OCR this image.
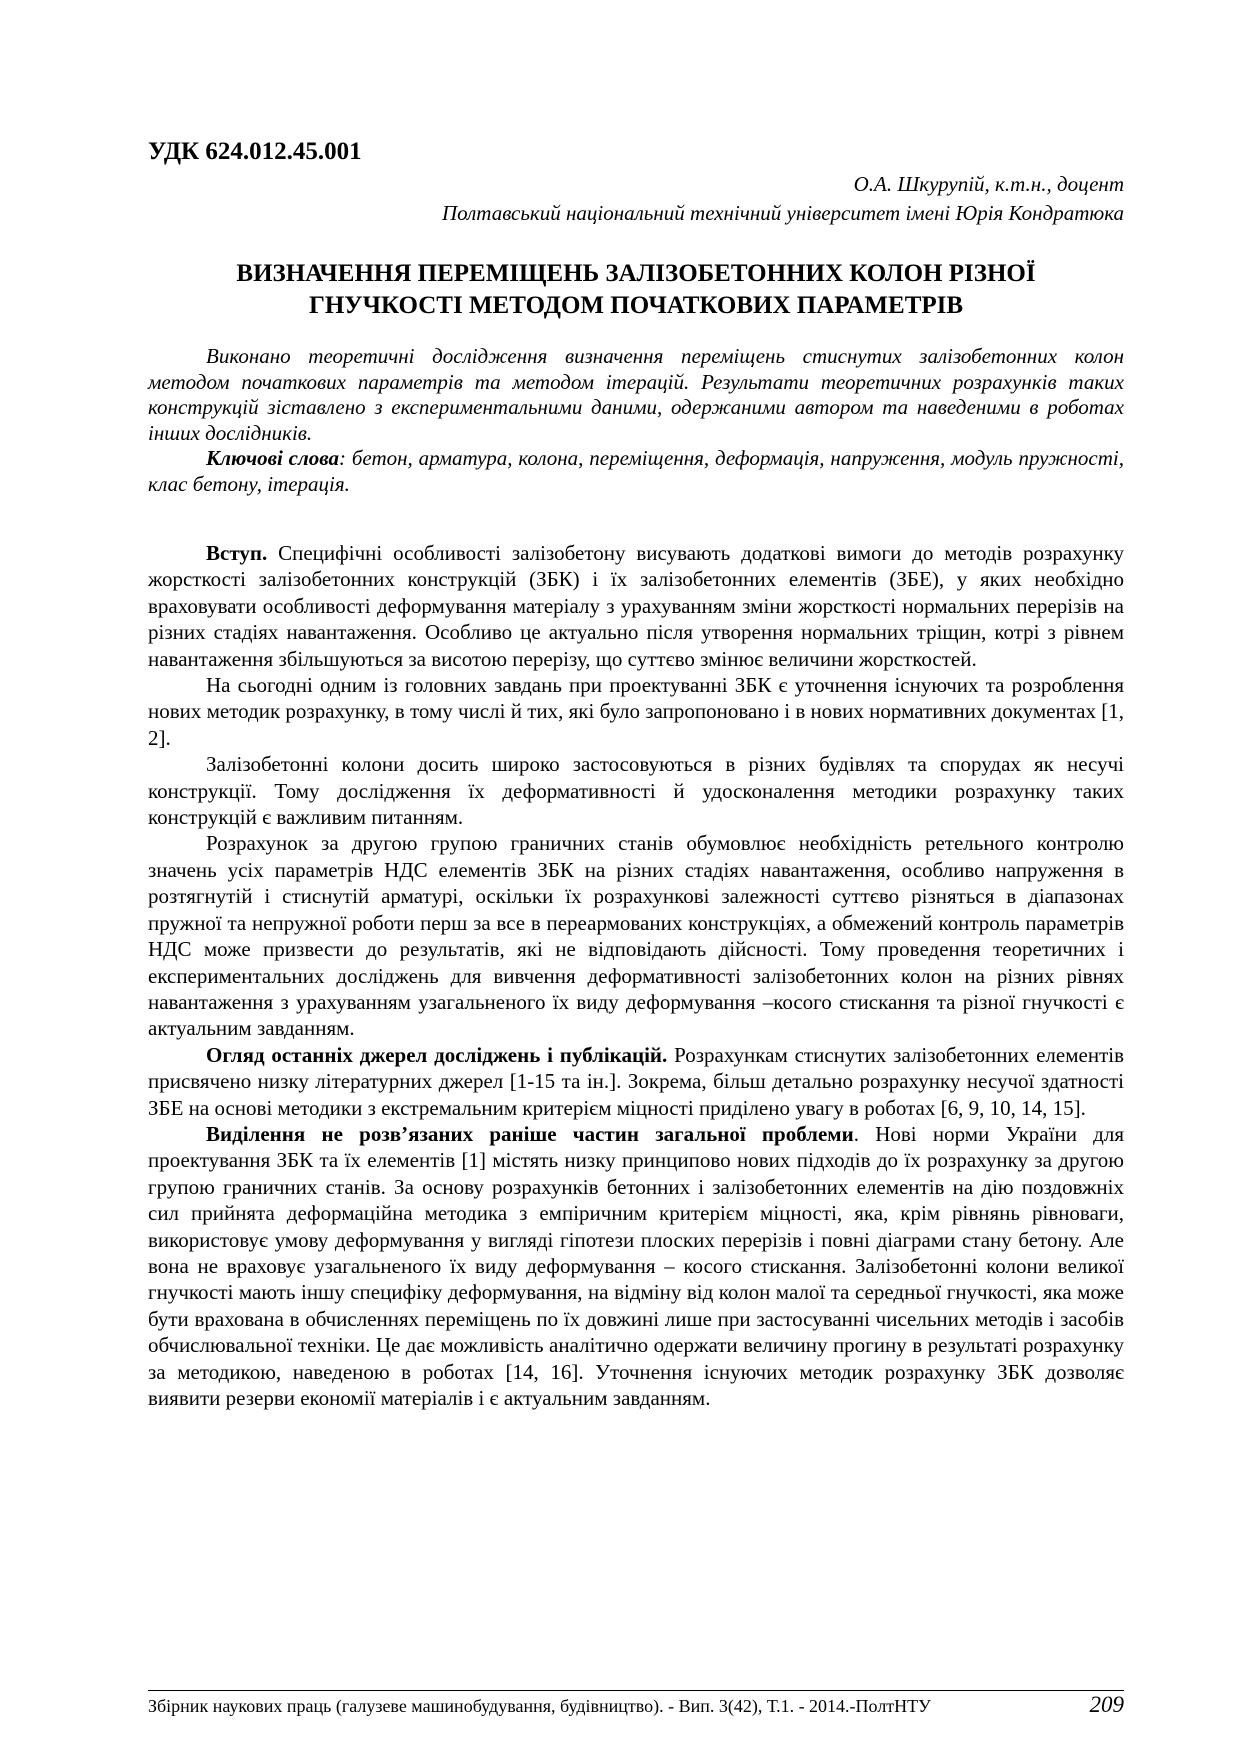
УДК 624.012.45.001
О.А. Шкурупій, к.т.н., доцент
Полтавський національний технічний університет імені Юрія Кондратюка
ВИЗНАЧЕННЯ ПЕРЕМІЩЕНЬ ЗАЛІЗОБЕТОННИХ КОЛОН РІЗНОЇ
ГНУЧКОСТІ МЕТОДОМ ПОЧАТКОВИХ ПАРАМЕТРІВ

Виконано теоретичні дослідження визначення переміщень стиснутих залізобетонних колон методом початкових параметрів та методом ітерацій. Результати теоретичних розрахунків таких конструкцій зіставлено з експериментальними даними, одержаними автором та наведеними в роботах інших дослідників.

Ключові слова: бетон, арматура, колона, переміщення, деформація, напруження, модуль пружності, клас бетону, ітерація.

Вступ. Специфічні особливості залізобетону висувають додаткові вимоги до методів розрахунку жорсткості залізобетонних конструкцій (ЗБК) і їх залізобетонних елементів (ЗБЕ), у яких необхідно враховувати особливості деформування матеріалу з урахуванням зміни жорсткості нормальних перерізів на різних стадіях навантаження. Особливо це актуально після утворення нормальних тріщин, котрі з рівнем навантаження збільшуються за висотою перерізу, що суттєво змінює величини жорсткостей.

На сьогодні одним із головних завдань при проектуванні ЗБК є уточнення існуючих та розроблення нових методик розрахунку, в тому числі й тих, які було запропоновано і в нових нормативних документах [1, 2].

Залізобетонні колони досить широко застосовуються в різних будівлях та спорудах як несучі конструкції. Тому дослідження їх деформативності й удосконалення методики розрахунку таких конструкцій є важливим питанням.

Розрахунок за другою групою граничних станів обумовлює необхідність ретельного контролю значень усіх параметрів НДС елементів ЗБК на різних стадіях навантаження, особливо напруження в розтягнутій і стиснутій арматурі, оскільки їх розрахункові залежності суттєво різняться в діапазонах пружної та непружної роботи перш за все в переармованих конструкціях, а обмежений контроль параметрів НДС може призвести до результатів, які не відповідають дійсності. Тому проведення теоретичних і експериментальних досліджень для вивчення деформативності залізобетонних колон на різних рівнях навантаження з урахуванням узагальненого їх виду деформування –косого стискання та різної гнучкості є актуальним завданням.

Огляд останніх джерел досліджень і публікацій. Розрахункам стиснутих залізобетонних елементів присвячено низку літературних джерел [1-15 та ін.]. Зокрема, більш детально розрахунку несучої здатності ЗБЕ на основі методики з екстремальним критерієм міцності приділено увагу в роботах [6, 9, 10, 14, 15].

Виділення не розв’язаних раніше частин загальної проблеми. Нові норми України для проектування ЗБК та їх елементів [1] містять низку принципово нових підходів до їх розрахунку за другою групою граничних станів. За основу розрахунків бетонних і залізобетонних елементів на дію поздовжніх сил прийнята деформаційна методика з емпіричним критерієм міцності, яка, крім рівнянь рівноваги, використовує умову деформування у вигляді гіпотези плоских перерізів і повні діаграми стану бетону. Але вона не враховує узагальненого їх виду деформування – косого стискання. Залізобетонні колони великої гнучкості мають іншу специфіку деформування, на відміну від колон малої та середньої гнучкості, яка може бути врахована в обчисленнях переміщень по їх довжині лише при застосуванні чисельних методів і засобів обчислювальної техніки. Це дає можливість аналітично одержати величину прогину в результаті розрахунку за методикою, наведеною в роботах [14, 16]. Уточнення існуючих методик розрахунку ЗБК дозволяє виявити резерви економії матеріалів і є актуальним завданням.

Збірник наукових праць (галузеве машинобудування, будівництво). - Вип. 3(42), Т.1. - 2014.-ПолтНТУ	209
